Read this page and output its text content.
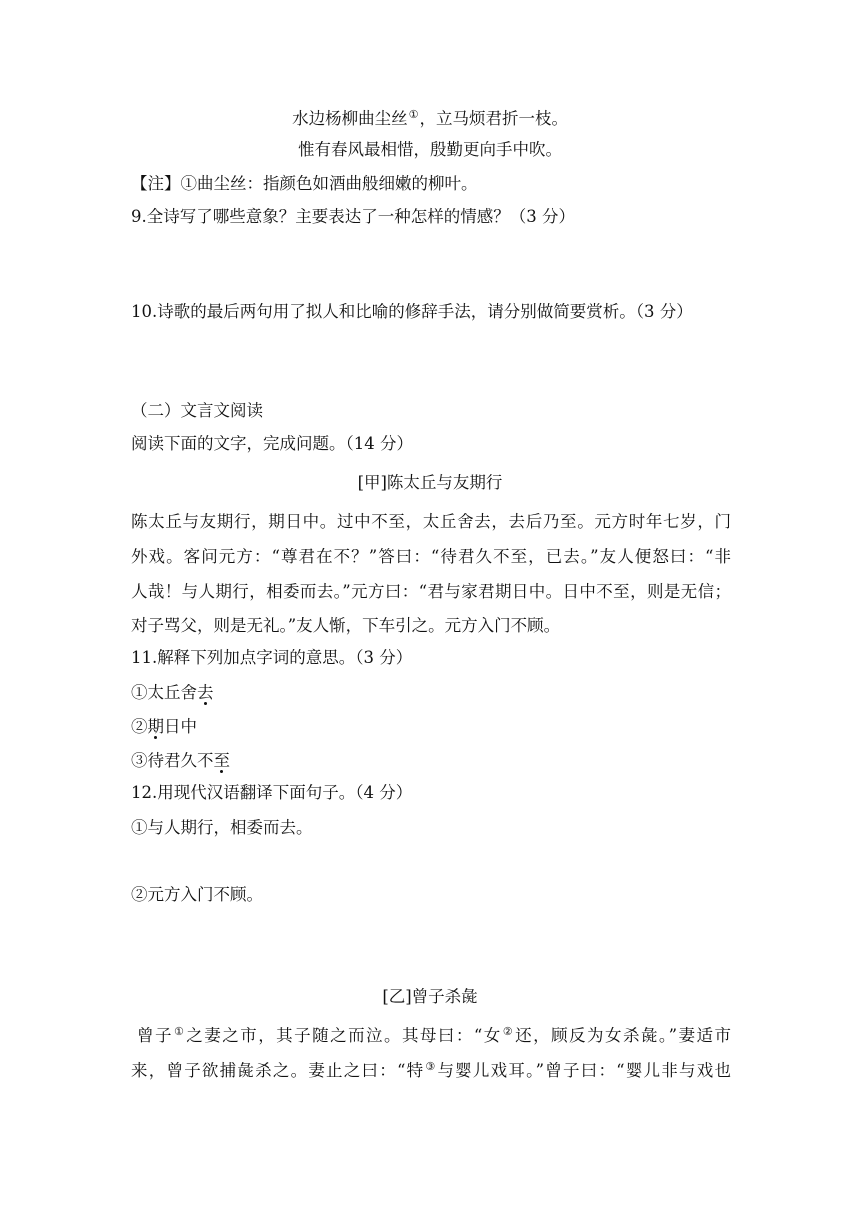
水边杨柳曲尘丝①，立马烦君折一枝。
惟有春风最相惜，殷勤更向手中吹。
【注】①曲尘丝：指颜色如酒曲般细嫩的柳叶。
9.全诗写了哪些意象？主要表达了一种怎样的情感？（3 分）
10.诗歌的最后两句用了拟人和比喻的修辞手法，请分别做简要赏析。（3 分）
（二）文言文阅读
阅读下面的文字，完成问题。（14 分）
[甲]陈太丘与友期行
陈太丘与友期行，期日中。过中不至，太丘舍去，去后乃至。元方时年七岁，门
外戏。客问元方：“尊君在不？”答曰：“待君久不至，已去。”友人便怒曰：“非
人哉！与人期行，相委而去。”元方曰：“君与家君期日中。日中不至，则是无信；
对子骂父，则是无礼。”友人惭，下车引之。元方入门不顾。
11.解释下列加点字词的意思。（3 分）
①太丘舍去
②期日中
③待君久不至
12.用现代汉语翻译下面句子。（4 分）
①与人期行，相委而去。
②元方入门不顾。
[乙]曾子杀彘
曾子①之妻之市，其子随之而泣。其母曰：“女②还，顾反为女杀彘。”妻适市
来，曾子欲捕彘杀之。妻止之曰：“特③与婴儿戏耳。”曾子曰：“婴儿非与戏也
